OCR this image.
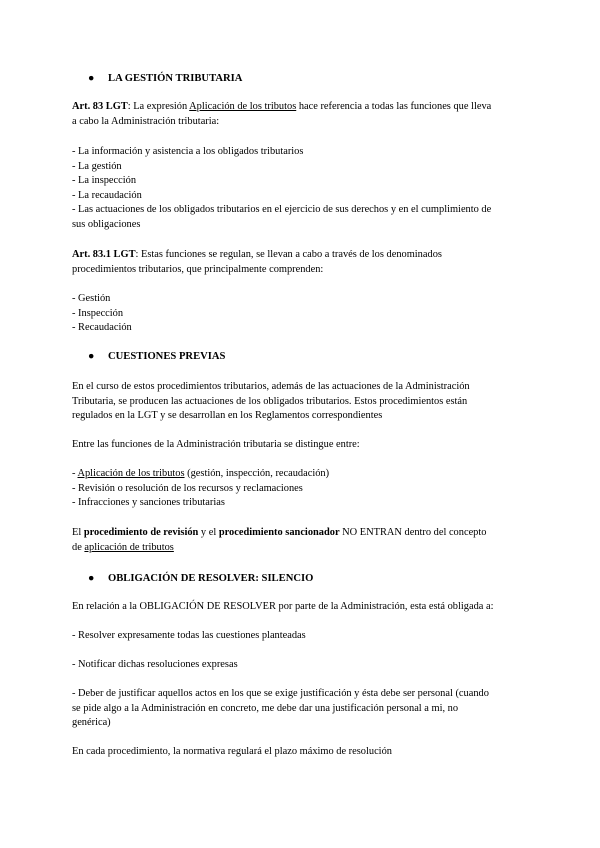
● LA GESTIÓN TRIBUTARIA
Art. 83 LGT: La expresión Aplicación de los tributos hace referencia a todas las funciones que lleva
a cabo la Administración tributaria:
- La información y asistencia a los obligados tributarios
- La gestión
- La inspección
- La recaudación
- Las actuaciones de los obligados tributarios en el ejercicio de sus derechos y en el cumplimiento de
sus obligaciones
Art. 83.1 LGT: Estas funciones se regulan, se llevan a cabo a través de los denominados
procedimientos tributarios, que principalmente comprenden:
- Gestión
- Inspección
- Recaudación
● CUESTIONES PREVIAS
En el curso de estos procedimientos tributarios, además de las actuaciones de la Administración
Tributaria, se producen las actuaciones de los obligados tributarios. Estos procedimientos están
regulados en la LGT y se desarrollan en los Reglamentos correspondientes
Entre las funciones de la Administración tributaria se distingue entre:
- Aplicación de los tributos (gestión, inspección, recaudación)
- Revisión o resolución de los recursos y reclamaciones
- Infracciones y sanciones tributarias
El procedimiento de revisión y el procedimiento sancionador NO ENTRAN dentro del concepto
de aplicación de tributos
● OBLIGACIÓN DE RESOLVER: SILENCIO
En relación a la OBLIGACIÓN DE RESOLVER por parte de la Administración, esta está obligada a:
- Resolver expresamente todas las cuestiones planteadas
- Notificar dichas resoluciones expresas
- Deber de justificar aquellos actos en los que se exige justificación y ésta debe ser personal (cuando
se pide algo a la Administración en concreto, me debe dar una justificación personal a mi, no
genérica)
En cada procedimiento, la normativa regulará el plazo máximo de resolución
